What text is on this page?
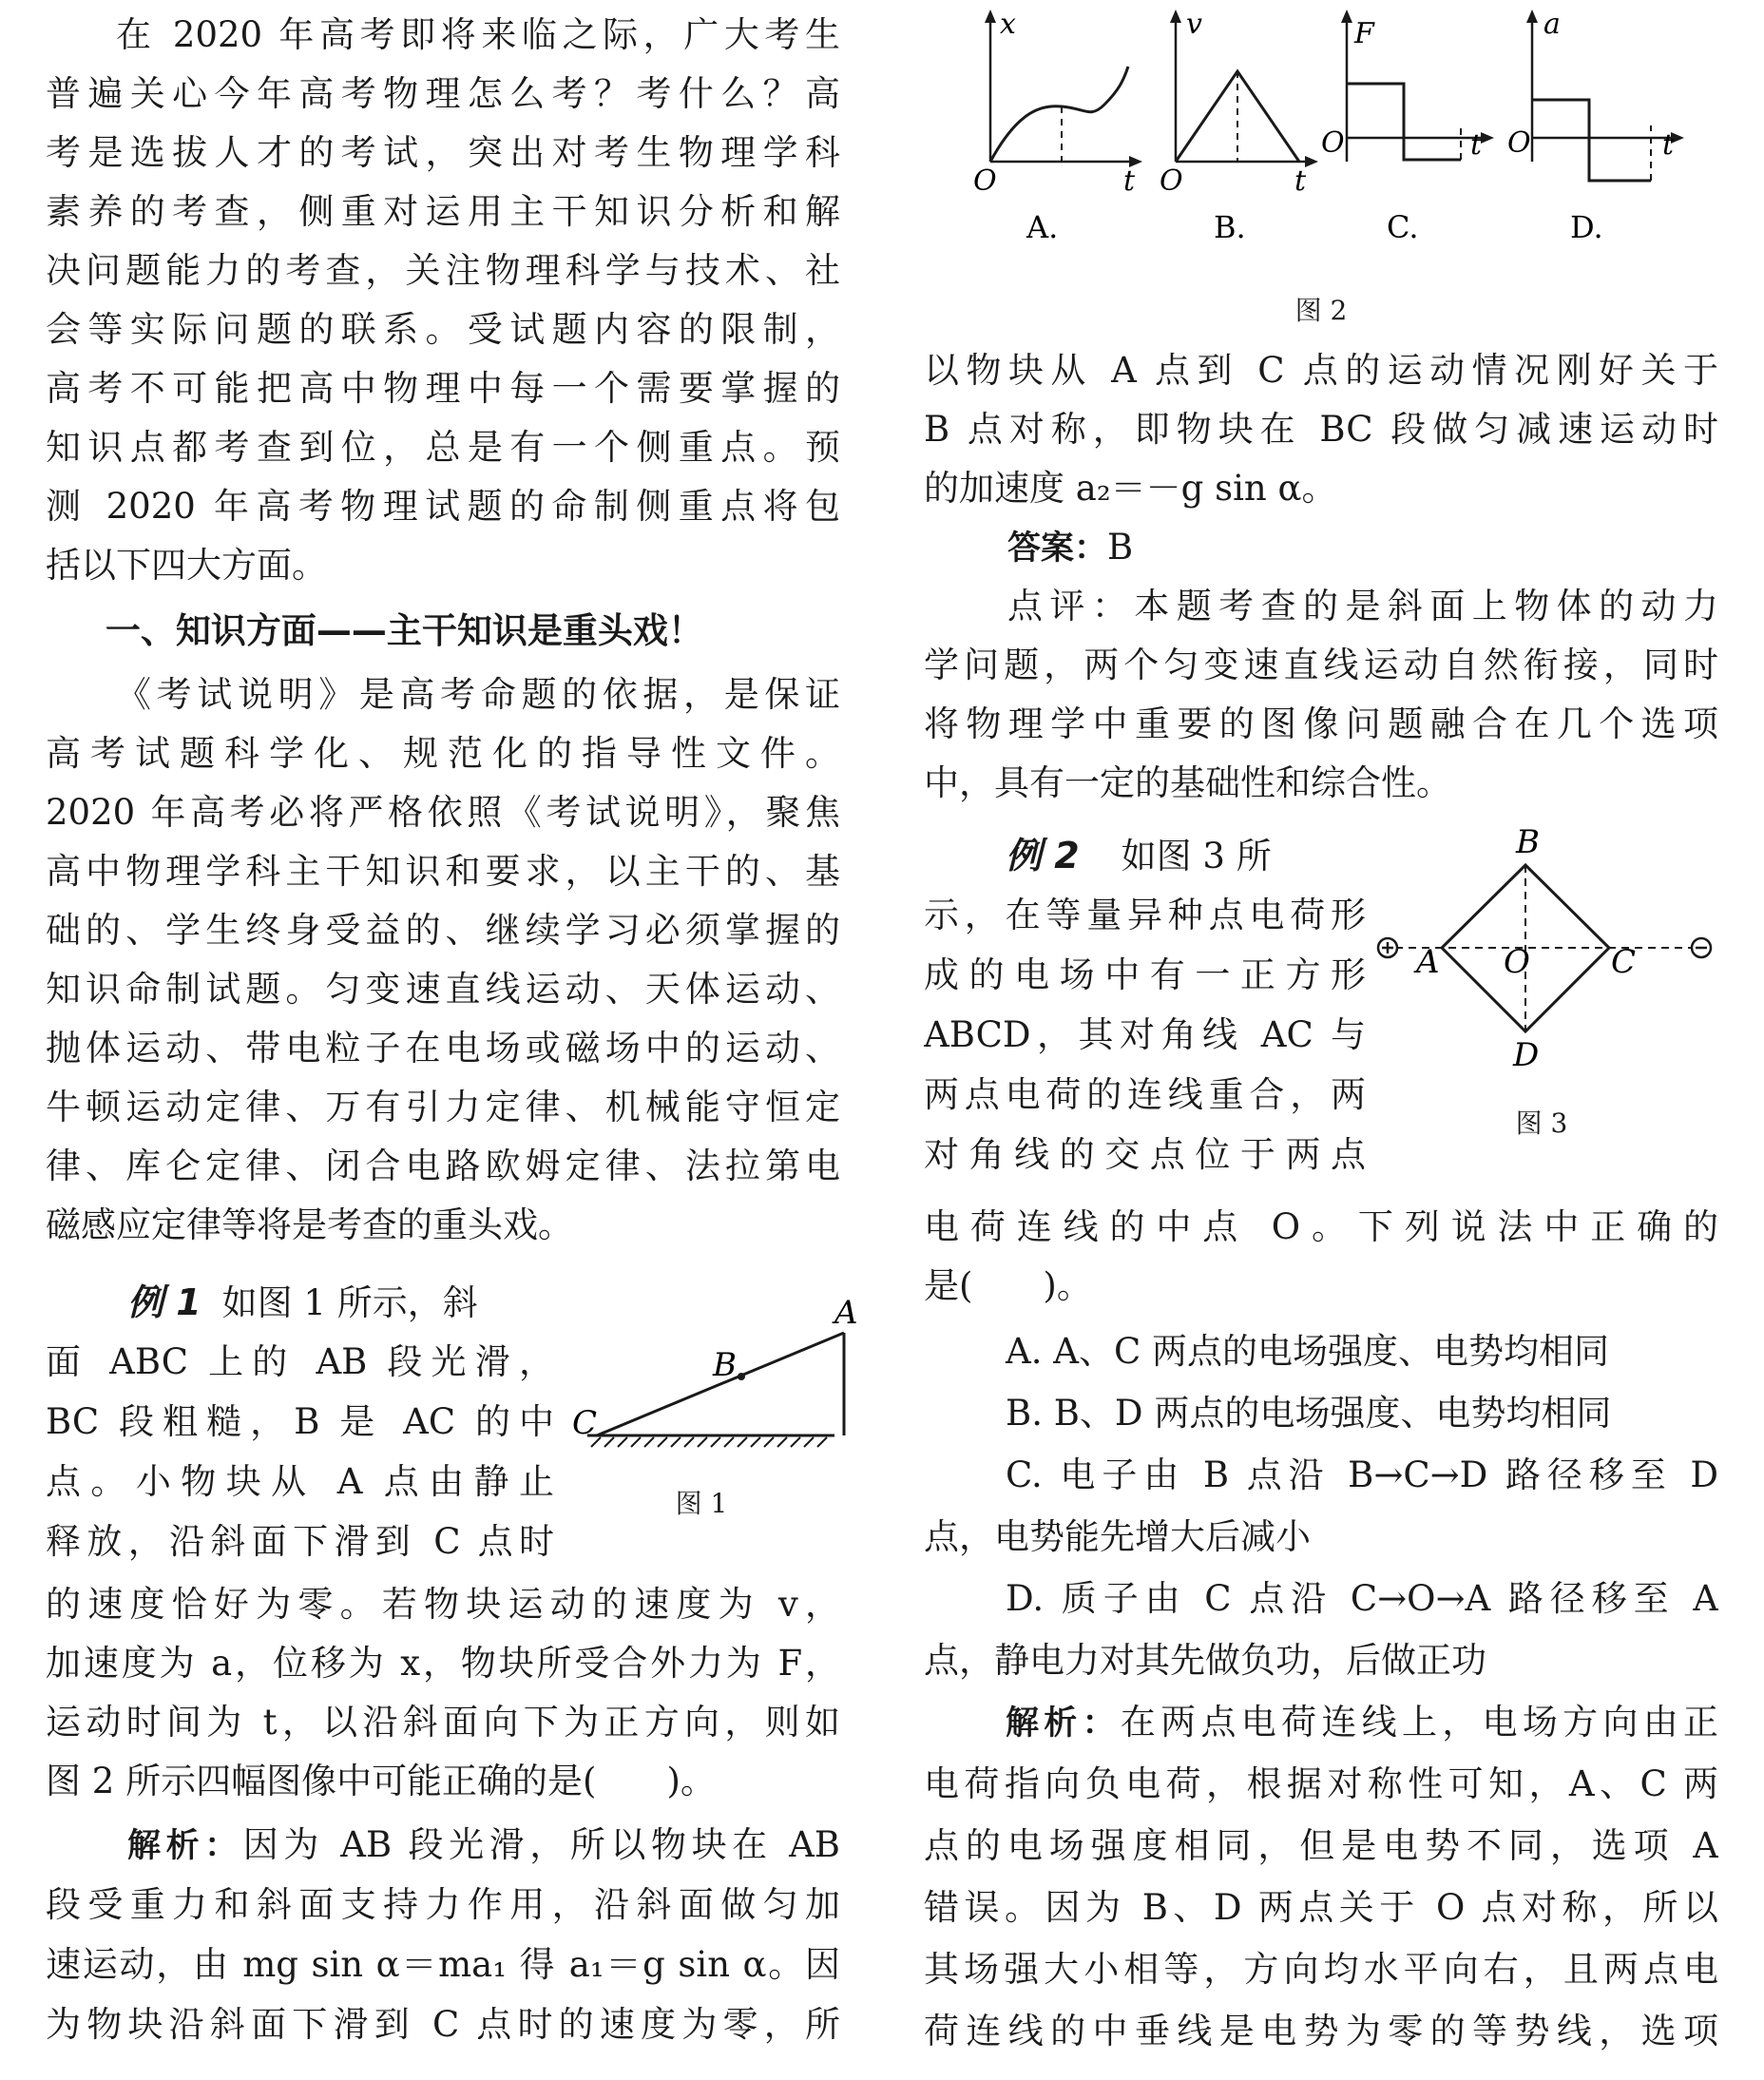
在 2020 年高考即将来临之际，广大考生
普遍关心今年高考物理怎么考？考什么？高
考是选拔人才的考试，突出对考生物理学科
素养的考查，侧重对运用主干知识分析和解
决问题能力的考查，关注物理科学与技术、社
会等实际问题的联系。受试题内容的限制，
高考不可能把高中物理中每一个需要掌握的
知识点都考查到位，总是有一个侧重点。预
测 2020 年高考物理试题的命制侧重点将包
括以下四大方面。
一、知识方面——主干知识是重头戏！
《考试说明》是高考命题的依据，是保证
高考试题科学化、规范化的指导性文件。
2020 年高考必将严格依照《考试说明》，聚焦
高中物理学科主干知识和要求，以主干的、基
础的、学生终身受益的、继续学习必须掌握的
知识命制试题。匀变速直线运动、天体运动、
抛体运动、带电粒子在电场或磁场中的运动、
牛顿运动定律、万有引力定律、机械能守恒定
律、库仑定律、闭合电路欧姆定律、法拉第电
磁感应定律等将是考查的重头戏。
例 1 如图 1 所示，斜
面 ABC 上的 AB 段光滑，
BC 段粗糙，B 是 AC 的中
点。小物块从 A 点由静止
释放，沿斜面下滑到 C 点时
的速度恰好为零。若物块运动的速度为 v，
加速度为 a，位移为 x，物块所受合外力为 F，
运动时间为 t，以沿斜面向下为正方向，则如
图 2 所示四幅图像中可能正确的是(　　)。
解析：因为 AB 段光滑，所以物块在 AB
段受重力和斜面支持力作用，沿斜面做匀加
速运动，由 mg sin α＝ma₁ 得 a₁＝g sin α。因
为物块沿斜面下滑到 C 点时的速度为零，所
A
B
C
图 1
x
O	t
A.
v
O	t
B.
F
O	t
C.
a
O	t
D.
图 2
以物块从 A 点到 C 点的运动情况刚好关于
B 点对称，即物块在 BC 段做匀减速运动时
的加速度 a₂＝－g sin α。
答案：B
点评：本题考查的是斜面上物体的动力
学问题，两个匀变速直线运动自然衔接，同时
将物理学中重要的图像问题融合在几个选项
中，具有一定的基础性和综合性。
例 2 如图 3 所
示，在等量异种点电荷形
成的电场中有一正方形
ABCD，其对角线 AC 与
两点电荷的连线重合，两
对角线的交点位于两点
电荷连线的中点 O。下列说法中正确的
是(　　)。
B
A O	C
D
图 3
A. A、C 两点的电场强度、电势均相同
B. B、D 两点的电场强度、电势均相同
C. 电子由 B 点沿 B→C→D 路径移至 D
点，电势能先增大后减小
D. 质子由 C 点沿 C→O→A 路径移至 A
点，静电力对其先做负功，后做正功
解析：在两点电荷连线上，电场方向由正
电荷指向负电荷，根据对称性可知，A、C 两
点的电场强度相同，但是电势不同，选项 A
错误。因为 B、D 两点关于 O 点对称，所以
其场强大小相等，方向均水平向右，且两点电
荷连线的中垂线是电势为零的等势线，选项
